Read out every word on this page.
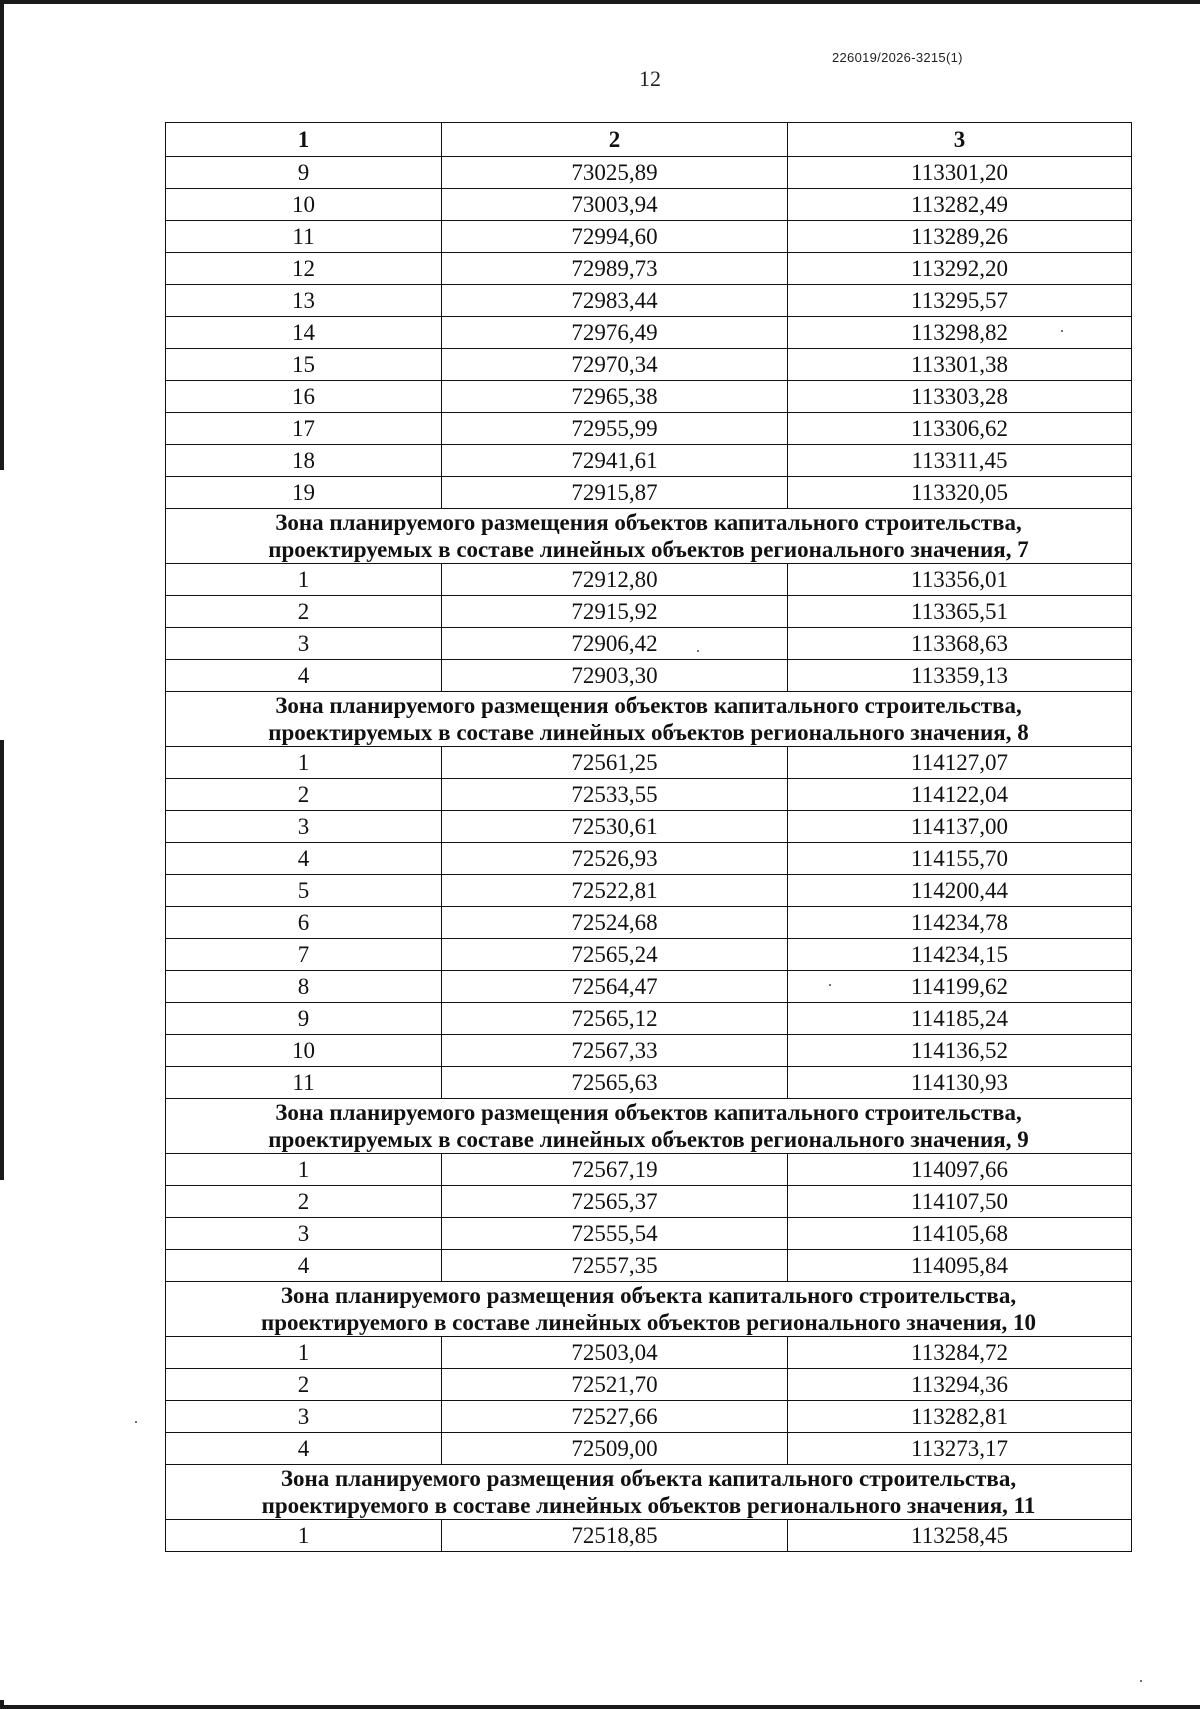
226019/2026-3215(1)
12
1	2	3
9	73025,89	113301,20
10	73003,94	113282,49
11	72994,60	113289,26
12	72989,73	113292,20
13	72983,44	113295,57
14	72976,49	113298,82
15	72970,34	113301,38
16	72965,38	113303,28
17	72955,99	113306,62
18	72941,61	113311,45
19	72915,87	113320,05

Зона планируемого размещения объектов капитального строительства,
проектируемых в составе линейных объектов регионального значения, 7		

1	72912,80	113356,01
2	72915,92	113365,51
3	72906,42	113368,63
4	72903,30	113359,13

Зона планируемого размещения объектов капитального строительства,
проектируемых в составе линейных объектов регионального значения, 8		

1	72561,25	114127,07
2	72533,55	114122,04
3	72530,61	114137,00
4	72526,93	114155,70
5	72522,81	114200,44
6	72524,68	114234,78
7	72565,24	114234,15
8	72564,47	114199,62
9	72565,12	114185,24
10	72567,33	114136,52
11	72565,63	114130,93

Зона планируемого размещения объектов капитального строительства,
проектируемых в составе линейных объектов регионального значения, 9		

1	72567,19	114097,66
2	72565,37	114107,50
3	72555,54	114105,68
4	72557,35	114095,84

Зона планируемого размещения объекта капитального строительства,
проектируемого в составе линейных объектов регионального значения, 10		

1	72503,04	113284,72
2	72521,70	113294,36
3	72527,66	113282,81
4	72509,00	113273,17

Зона планируемого размещения объекта капитального строительства,
проектируемого в составе линейных объектов регионального значения, 11		

1	72518,85	113258,45
